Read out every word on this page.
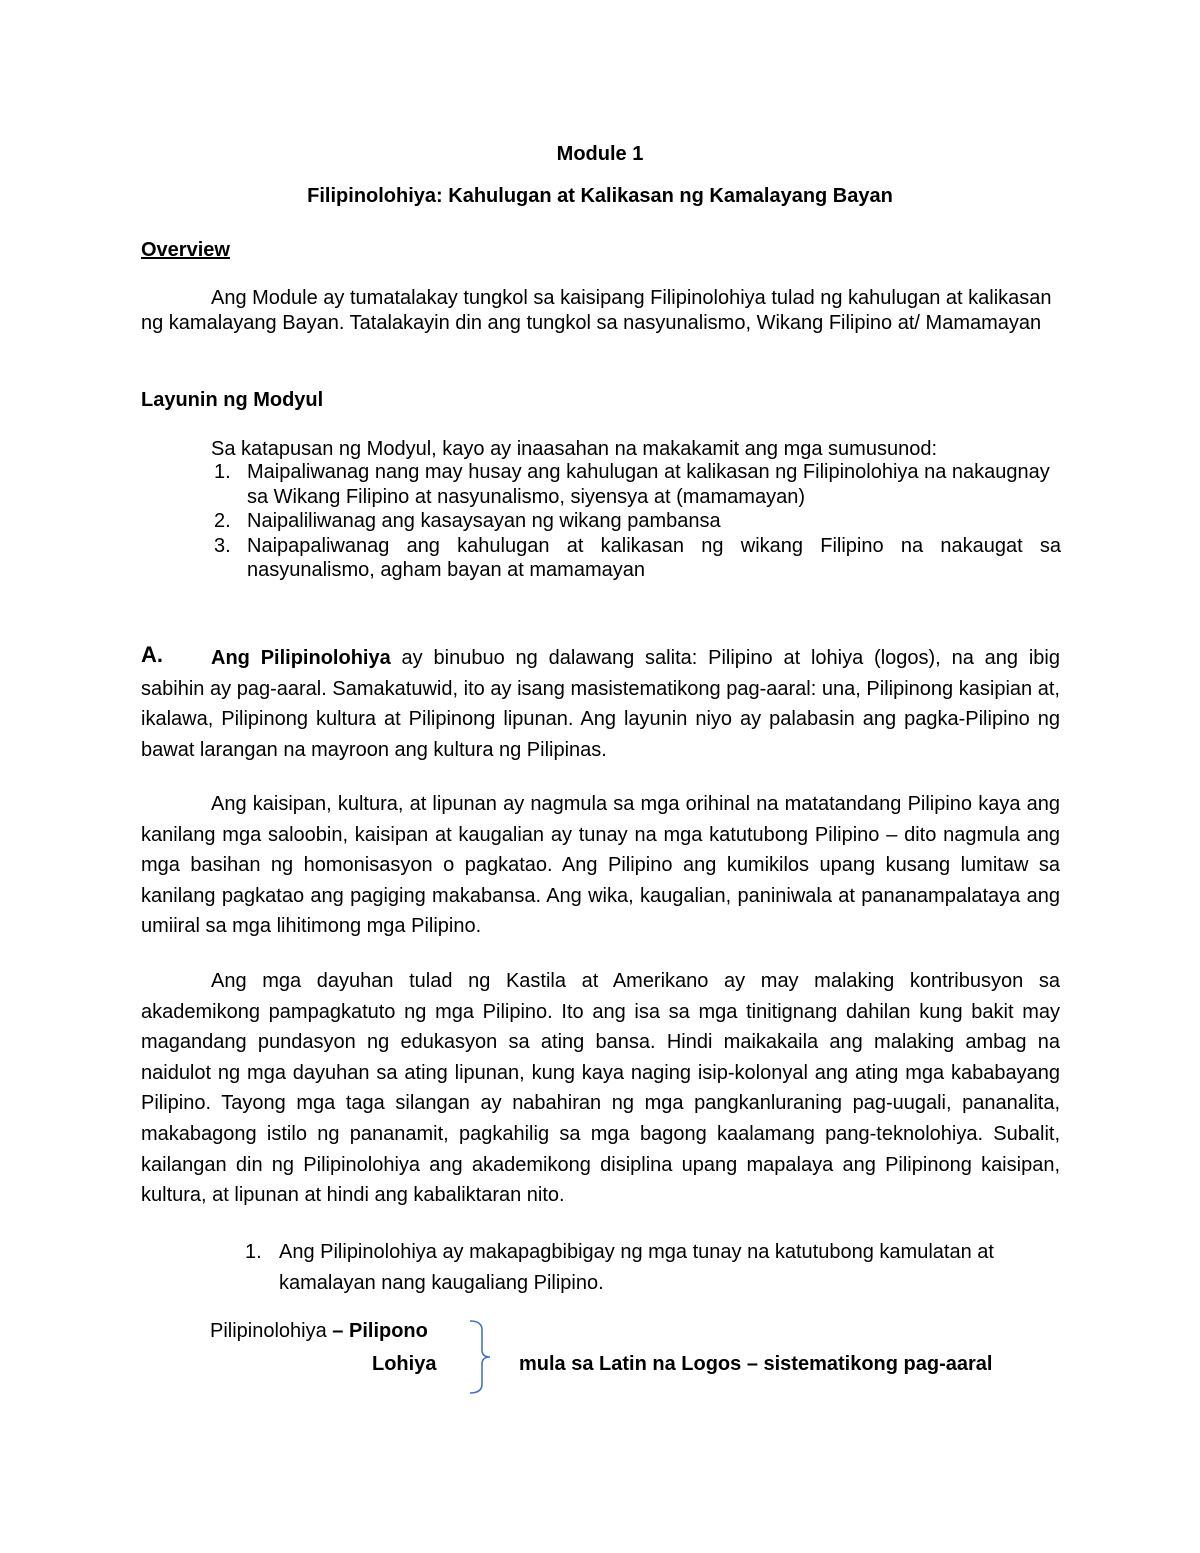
Module 1
Filipinolohiya: Kahulugan at Kalikasan ng Kamalayang Bayan
Overview

Ang Module ay tumatalakay tungkol sa kaisipang Filipinolohiya tulad ng kahulugan at kalikasan ng kamalayang Bayan. Tatalakayin din ang tungkol sa nasyunalismo, Wikang Filipino at/ Mamamayan

Layunin ng Modyul

Sa katapusan ng Modyul, kayo ay inaasahan na makakamit ang mga sumusunod:

1. Maipaliwanag nang may husay ang kahulugan at kalikasan ng Filipinolohiya na nakaugnay sa Wikang Filipino at nasyunalismo, siyensya at (mamamayan)
2. Naipaliliwanag ang kasaysayan ng wikang pambansa
3. Naipapaliwanag ang kahulugan at kalikasan ng wikang Filipino na nakaugat sa nasyunalismo, agham bayan at mamamayan
A.	Ang Pilipinolohiya ay binubuo ng dalawang salita: Pilipino at lohiya (logos), na ang ibig sabihin ay pag-aaral. Samakatuwid, ito ay isang masistematikong pag-aaral: una, Pilipinong kasipian at, ikalawa, Pilipinong kultura at Pilipinong lipunan. Ang layunin niyo ay palabasin ang pagka-Pilipino ng bawat larangan na mayroon ang kultura ng Pilipinas.

Ang kaisipan, kultura, at lipunan ay nagmula sa mga orihinal na matatandang Pilipino kaya ang kanilang mga saloobin, kaisipan at kaugalian ay tunay na mga katutubong Pilipino – dito nagmula ang mga basihan ng homonisasyon o pagkatao. Ang Pilipino ang kumikilos upang kusang lumitaw sa kanilang pagkatao ang pagiging makabansa. Ang wika, kaugalian, paniniwala at pananampalataya ang umiiral sa mga lihitimong mga Pilipino.

Ang mga dayuhan tulad ng Kastila at Amerikano ay may malaking kontribusyon sa akademikong pampagkatuto ng mga Pilipino. Ito ang isa sa mga tinitignang dahilan kung bakit may magandang pundasyon ng edukasyon sa ating bansa. Hindi maikakaila ang malaking ambag na naidulot ng mga dayuhan sa ating lipunan, kung kaya naging isip-kolonyal ang ating mga kababayang Pilipino. Tayong mga taga silangan ay nabahiran ng mga pangkanluraning pag-uugali, pananalita, makabagong istilo ng pananamit, pagkahilig sa mga bagong kaalamang pang-teknolohiya. Subalit, kailangan din ng Pilipinolohiya ang akademikong disiplina upang mapalaya ang Pilipinong kaisipan, kultura, at lipunan at hindi ang kabaliktaran nito.

1. Ang Pilipinolohiya ay makapagbibigay ng mga tunay na katutubong kamulatan at kamalayan nang kaugaliang Pilipino.

Pilipinolohiya – Pilipono
Lohiya	mula sa Latin na Logos – sistematikong pag-aaral
